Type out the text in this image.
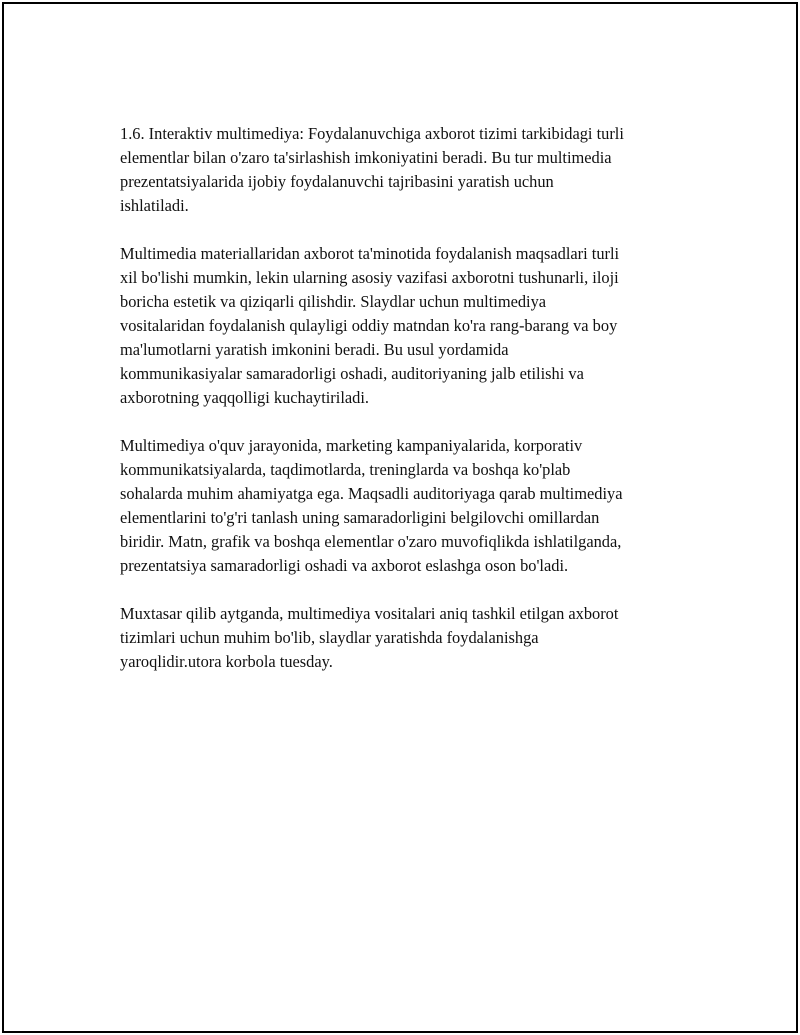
1.6. Interaktiv multimediya: Foydalanuvchiga axborot tizimi tarkibidagi turli
elementlar bilan o'zaro ta'sirlashish imkoniyatini beradi. Bu tur multimedia
prezentatsiyalarida ijobiy foydalanuvchi tajribasini yaratish uchun
ishlatiladi.

Multimedia materiallaridan axborot ta'minotida foydalanish maqsadlari turli
xil bo'lishi mumkin, lekin ularning asosiy vazifasi axborotni tushunarli, iloji
boricha estetik va qiziqarli qilishdir. Slaydlar uchun multimediya
vositalaridan foydalanish qulayligi oddiy matndan ko'ra rang-barang va boy
ma'lumotlarni yaratish imkonini beradi. Bu usul yordamida
kommunikasiyalar samaradorligi oshadi, auditoriyaning jalb etilishi va
axborotning yaqqolligi kuchaytiriladi.

Multimediya o'quv jarayonida, marketing kampaniyalarida, korporativ
kommunikatsiyalarda, taqdimotlarda, treninglarda va boshqa ko'plab
sohalarda muhim ahamiyatga ega. Maqsadli auditoriyaga qarab multimediya
elementlarini to'g'ri tanlash uning samaradorligini belgilovchi omillardan
biridir. Matn, grafik va boshqa elementlar o'zaro muvofiqlikda ishlatilganda,
prezentatsiya samaradorligi oshadi va axborot eslashga oson bo'ladi.

Muxtasar qilib aytganda, multimediya vositalari aniq tashkil etilgan axborot
tizimlari uchun muhim bo'lib, slaydlar yaratishda foydalanishga
yaroqlidir.utora korbola tuesday.
